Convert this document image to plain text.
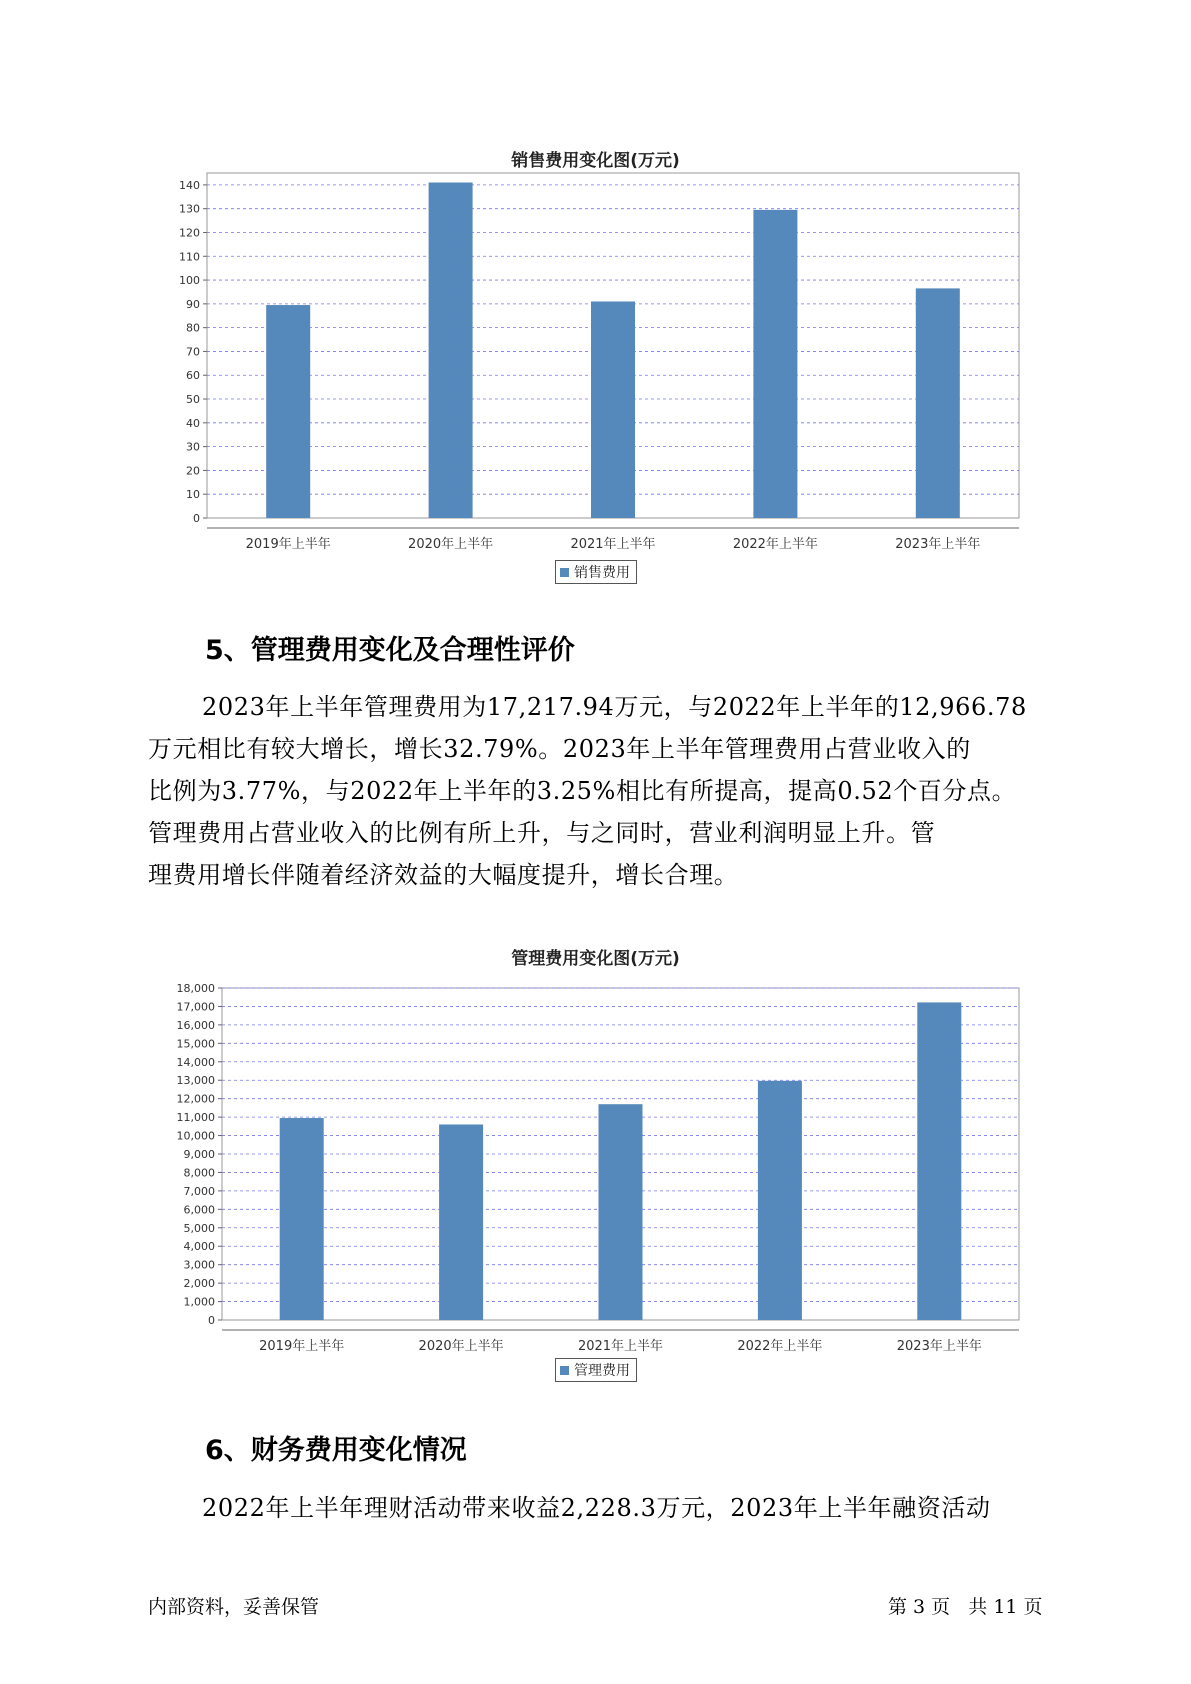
销售费用变化图(万元)
0
10
20
30
40
50
60
70
80
90
100
110
120
130
140
2019年上半年	2020年上半年	2021年上半年	2022年上半年	2023年上半年
销售费用
5、管理费用变化及合理性评价

2023年上半年管理费用为17,217.94万元，与2022年上半年的12,966.78
万元相比有较大增长，增长32.79%。2023年上半年管理费用占营业收入的
比例为3.77%，与2022年上半年的3.25%相比有所提高，提高0.52个百分点。
管理费用占营业收入的比例有所上升，与之同时，营业利润明显上升。管
理费用增长伴随着经济效益的大幅度提升，增长合理。

管理费用变化图(万元)
0
1,000
2,000
3,000
4,000
5,000
6,000
7,000
8,000
9,000
10,000
11,000
12,000
13,000
14,000
15,000
16,000
17,000
18,000
2019年上半年	2020年上半年	2021年上半年	2022年上半年	2023年上半年
管理费用
6、财务费用变化情况

2022年上半年理财活动带来收益2,228.3万元，2023年上半年融资活动

内部资料，妥善保管	第 3 页   共 11 页
